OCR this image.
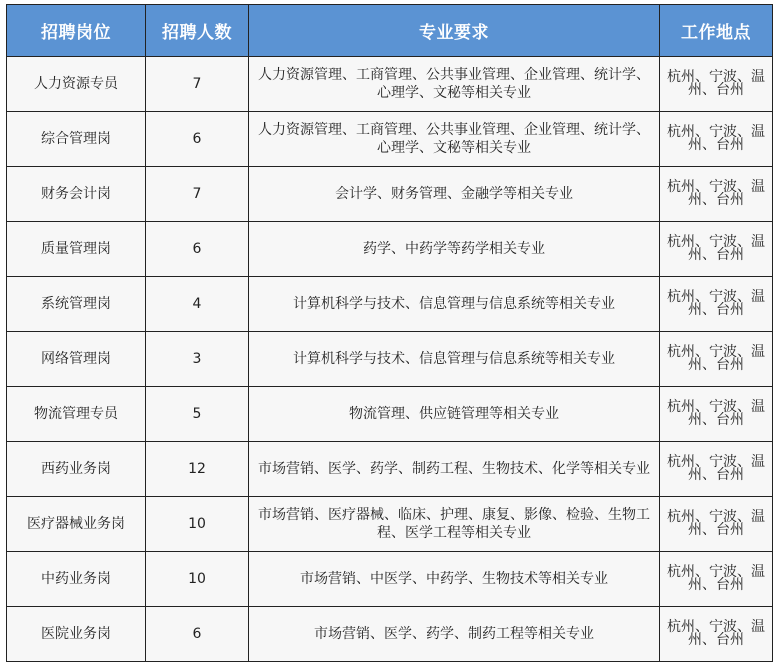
招聘岗位	招聘人数	专业要求	工作地点
人力资源专员	7	人力资源管理、工商管理、公共事业管理、企业管理、统计学、心理学、文秘等相关专业	杭州、宁波、温州、台州
综合管理岗	6	人力资源管理、工商管理、公共事业管理、企业管理、统计学、心理学、文秘等相关专业	杭州、宁波、温州、台州
财务会计岗	7	会计学、财务管理、金融学等相关专业	杭州、宁波、温州、台州
质量管理岗	6	药学、中药学等药学相关专业	杭州、宁波、温州、台州
系统管理岗	4	计算机科学与技术、信息管理与信息系统等相关专业	杭州、宁波、温州、台州
网络管理岗	3	计算机科学与技术、信息管理与信息系统等相关专业	杭州、宁波、温州、台州
物流管理专员	5	物流管理、供应链管理等相关专业	杭州、宁波、温州、台州
西药业务岗	12	市场营销、医学、药学、制药工程、生物技术、化学等相关专业	杭州、宁波、温州、台州
医疗器械业务岗	10	市场营销、医疗器械、临床、护理、康复、影像、检验、生物工程、医学工程等相关专业	杭州、宁波、温州、台州
中药业务岗	10	市场营销、中医学、中药学、生物技术等相关专业	杭州、宁波、温州、台州
医院业务岗	6	市场营销、医学、药学、制药工程等相关专业	杭州、宁波、温州、台州
